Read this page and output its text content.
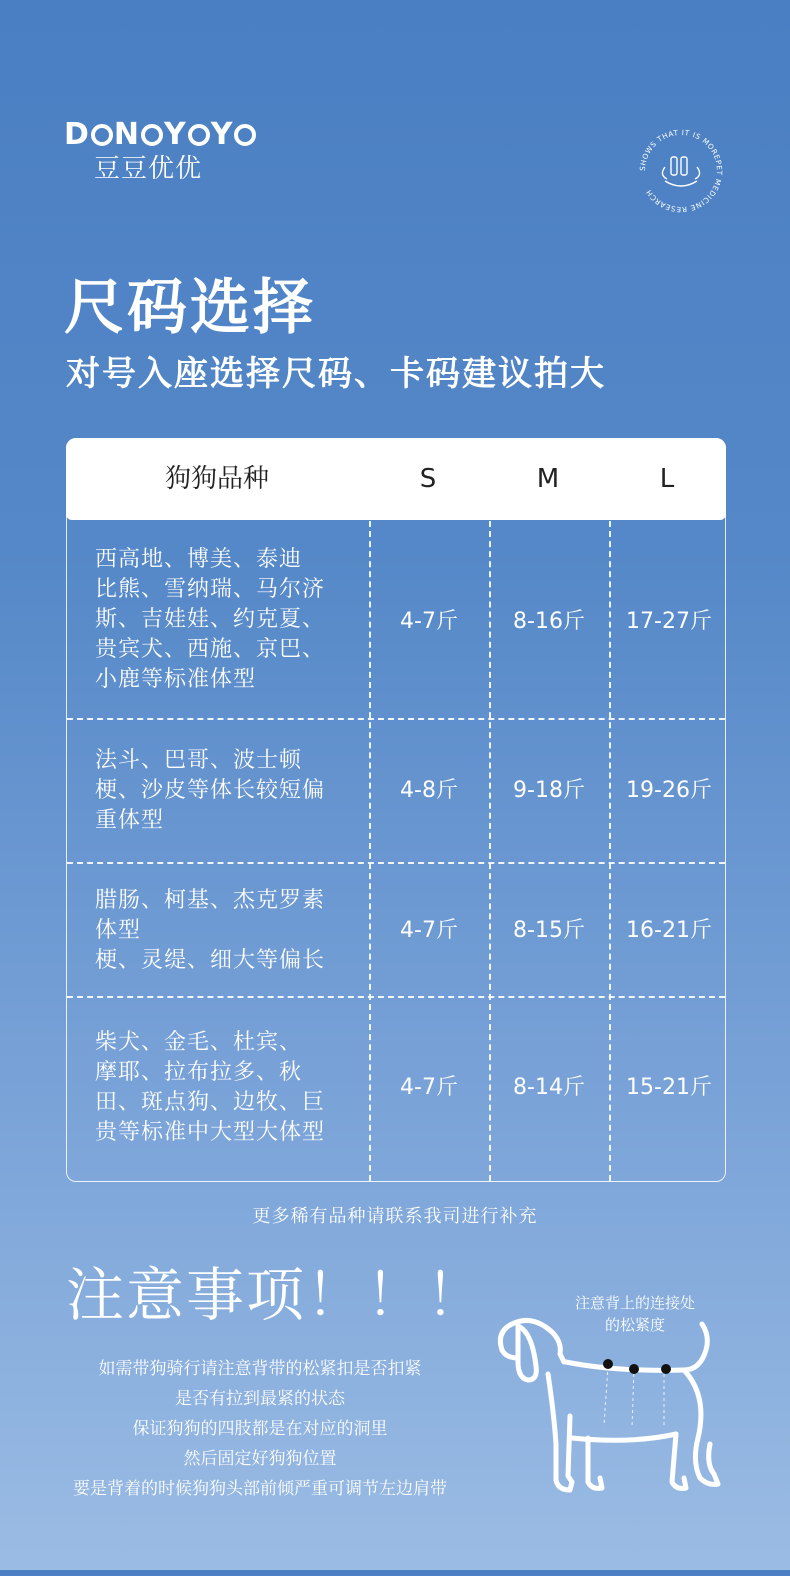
D N Y Y
豆豆优优	SHOWS THAT IT IS MOREPET MEDICINE RESEARCH
尺码选择
对号入座选择尺码、卡码建议拍大
狗狗品种	S	M	L
西高地、博美、泰迪
比熊、雪纳瑞、马尔济
斯、吉娃娃、约克夏、
贵宾犬、西施、京巴、
小鹿等标准体型
4-7斤	8-16斤	17-27斤
法斗、巴哥、波士顿
梗、沙皮等体长较短偏
重体型
4-8斤	9-18斤	19-26斤
腊肠、柯基、杰克罗素
体型
梗、灵缇、细大等偏长
4-7斤	8-15斤	16-21斤
柴犬、金毛、杜宾、
摩耶、拉布拉多、秋
田、斑点狗、边牧、巨
贵等标准中大型大体型
4-7斤	8-14斤	15-21斤
更多稀有品种请联系我司进行补充
注意事项！！！
如需带狗骑行请注意背带的松紧扣是否扣紧
是否有拉到最紧的状态
保证狗狗的四肢都是在对应的洞里
然后固定好狗狗位置
要是背着的时候狗狗头部前倾严重可调节左边肩带
注意背上的连接处
的松紧度
